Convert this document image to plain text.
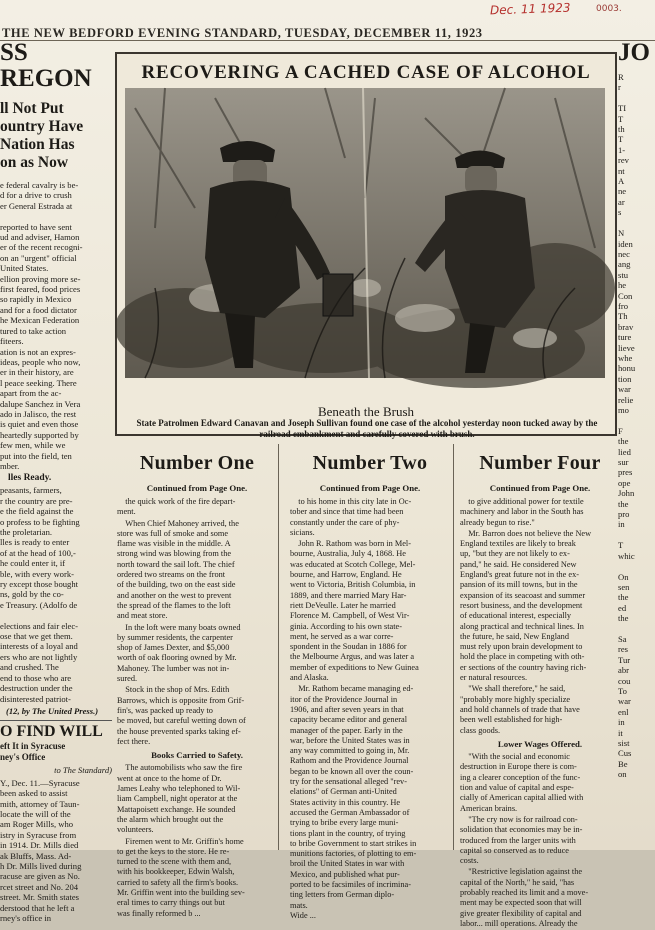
THE NEW BEDFORD EVENING STANDARD, TUESDAY, DECEMBER 11, 1923
Dec. 11 1923	0003.
SS
REGON
ll Not Put
ountry Have
Nation Has
on as Now
e federal cavalry is be-
d for a drive to crush
er General Estrada at

reported to have sent
ud and adviser, Hamon
er of the recent recogni-
on an "urgent" official
United States.
ellion proving more se-
first feared, food prices
so rapidly in Mexico
and for a food dictator
he Mexican Federation
tured to take action
fiteers.
ation is not an expres-
ideas, people who now,
er in their history, are
l peace seeking. There
apart from the ac-
dalupe Sanchez in Vera
ado in Jalisco, the rest
is quiet and even those
heartedly supported by
few men, while we
put into the field, ten
mber.
lles Ready.
peasants, farmers,
r the country are pre-
e the field against the
o profess to be fighting
the proletarian.
lles is ready to enter
of at the head of 100,-
he could enter it, if
ble, with every work-
ry except those bought
ns, gold by the co-
e Treasury. (Adolfo de

elections and fair elec-
ose that we get them.
interests of a loyal and
ers who are not lightly
and crushed. The
end to those who are
destruction under the
disinterested patriot-
(12, by The United Press.)
O FIND WILL
eft It in Syracuse
ney's Office
to The Standard)
Y., Dec. 11.—Syracuse
been asked to assist
mith, attorney of Taun-
locate the will of the
am Roger Mills, who
istry in Syracuse from
in 1914. Dr. Mills died
ak Bluffs, Mass. Ad-
h Dr. Mills lived during
racuse are given as No.
rcet street and No. 204
street. Mr. Smith states
derstood that he left a
rney's office in
JO
R
r

TI
T
th
T
1-
rev
nt
A
ne
ar
s

N
iden
nec
ang
stu
he
Con
fro
Th
brav
ture
lieve
whe
honu
tion
war
relie
mo

F
the
lied
sur
pres
ope
John
the
pro
in

T
whic

On
sen
the
ed
the

Sa
res
Tur
abr
cou
To
war
enl
in
it
sist
Cus
Be
on
RECOVERING A CACHED CASE OF ALCOHOL
Beneath the Brush
State Patrolmen Edward Canavan and Joseph Sullivan found one case of the alcohol yesterday noon tucked away by the railroad embankment and carefully covered with brush.
Number One
Continued from Page One.
 the quick work of the fire depart-
ment.
 When Chief Mahoney arrived, the
store was full of smoke and some
flame was visible in the middle. A
strong wind was blowing from the
north toward the sail loft. The chief
ordered two streams on the front
of the building, two on the east side
and another on the west to prevent
the spread of the flames to the loft
and meat store.
 In the loft were many boats owned
by summer residents, the carpenter
shop of James Dexter, and $5,000
worth of oak flooring owned by Mr.
Mahoney. The lumber was not in-
sured.
 Stock in the shop of Mrs. Edith
Barrows, which is opposite from Grif-
fin's, was packed up ready to
be moved, but careful wetting down of
the house prevented sparks taking ef-
fect there.
Books Carried to Safety.
 The automobilists who saw the fire
went at once to the home of Dr.
James Leahy who telephoned to Wil-
liam Campbell, night operator at the
Mattapoisett exchange. He sounded
the alarm which brought out the
volunteers.
 Firemen went to Mr. Griffin's home
to get the keys to the store. He re-
turned to the scene with them and,
with his bookkeeper, Edwin Walsh,
carried to safety all the firm's books.
Mr. Griffin went into the building sev-
eral times to carry things out but
was finally reformed b ...
Number Two
Continued from Page One.
 to his home in this city late in Oc-
tober and since that time had been
constantly under the care of phy-
sicians.
 John R. Rathom was born in Mel-
bourne, Australia, July 4, 1868. He
was educated at Scotch College, Mel-
bourne, and Harrow, England. He
went to Victoria, British Columbia, in
1889, and there married Mary Har-
riett DeVeulle. Later he married
Florence M. Campbell, of West Vir-
ginia. According to his own state-
ment, he served as a war corre-
spondent in the Soudan in 1886 for
the Melbourne Argus, and was later a
member of expeditions to New Guinea
and Alaska.
 Mr. Rathom became managing ed-
itor of the Providence Journal in
1906, and after seven years in that
capacity became editor and general
manager of the paper. Early in the
war, before the United States was in
any way committed to going in, Mr.
Rathom and the Providence Journal
began to be known all over the coun-
try for the sensational alleged "rev-
elations" of German anti-United
States activity in this country. He
accused the German Ambassador of
trying to bribe every large muni-
tions plant in the country, of trying
to bribe Government to start strikes in
munitions factories, of plotting to em-
broil the United States in war with
Mexico, and published what pur-
ported to be facsimiles of incrimina-
ting letters from German diplo-
mats.
Wide ...
Number Four
Continued from Page One.
 to give additional power for textile
machinery and labor in the South has
already begun to rise."
 Mr. Barron does not believe the New
England textiles are likely to break
up, "but they are not likely to ex-
pand," he said. He considered New
England's great future not in the ex-
pansion of its mill towns, but in the
expansion of its seacoast and summer
resort business, and the development
of educational interest, especially
along practical and technical lines. In
the future, he said, New England
must rely upon brain development to
hold the place in competing with oth-
er sections of the country having rich-
er natural resources.
 "We shall therefore," he said,
"probably more highly specialize
and hold channels of trade that have
been well established for high-
class goods.
Lower Wages Offered.
 "With the social and economic
destruction in Europe there is com-
ing a clearer conception of the func-
tion and value of capital and espe-
cially of American capital allied with
American brains.
 "The cry now is for railroad con-
solidation that economies may be in-
troduced from the larger units with
capital so conserved as to reduce
costs.
 "Restrictive legislation against the
capital of the North," he said, "has
probably reached its limit and a move-
ment may be expected soon that will
give greater flexibility of capital and
labor... mill operations. Already the
